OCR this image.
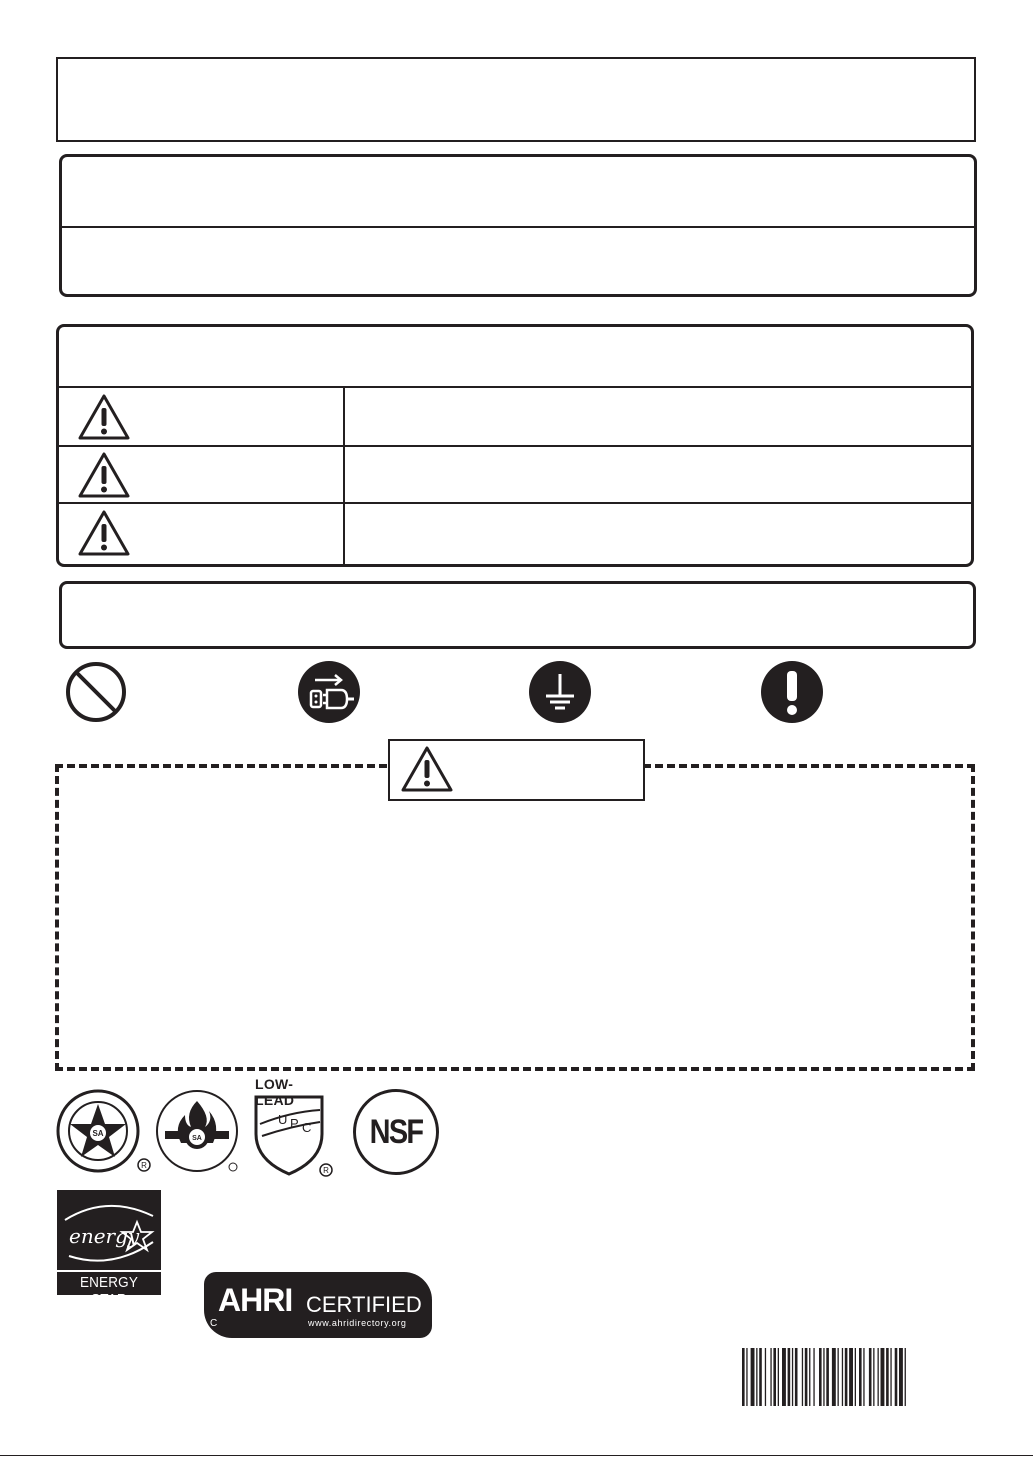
SA
R
SA
LOW-LEAD
U P C
R
NSF
energy
ENERGY STAR	AHRI CERTIFIED
www.ahridirectory.org
C
